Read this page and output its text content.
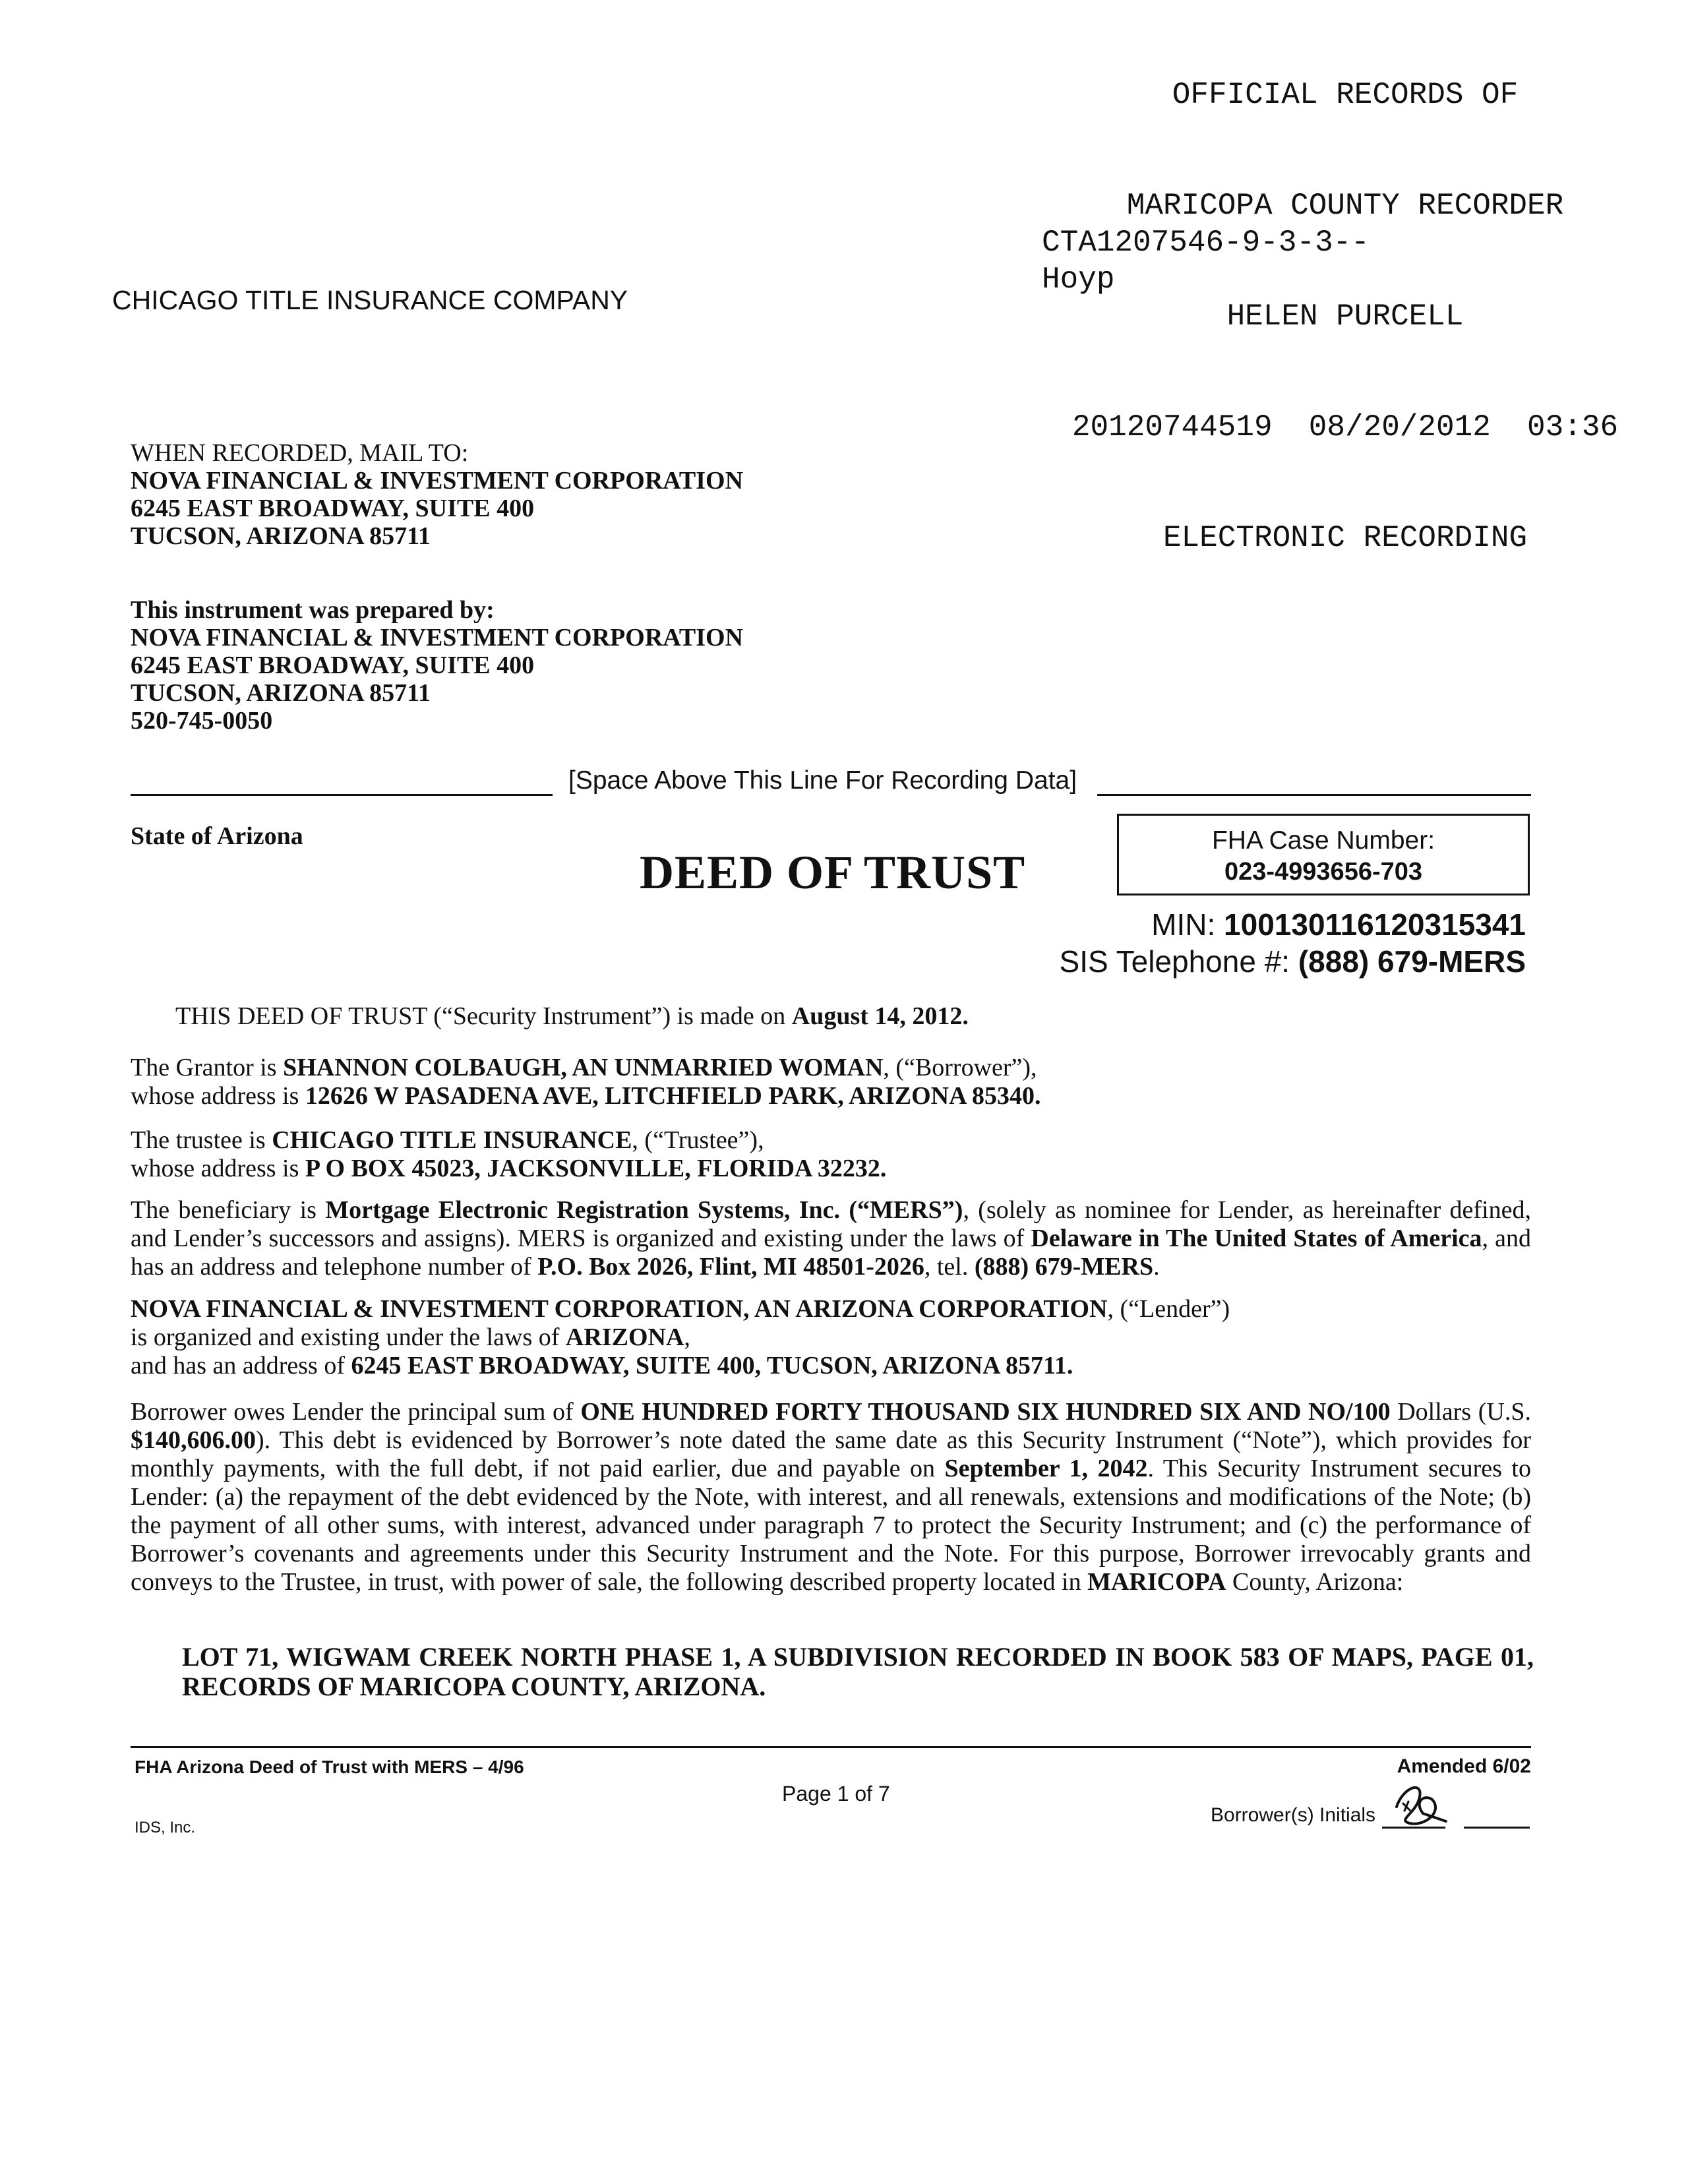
OFFICIAL RECORDS OF

MARICOPA COUNTY RECORDER

HELEN PURCELL

20120744519  08/20/2012  03:36

ELECTRONIC RECORDING

CTA1207546-9-3-3--
Hoyp
CHICAGO TITLE INSURANCE COMPANY
WHEN RECORDED, MAIL TO:
NOVA FINANCIAL & INVESTMENT CORPORATION
6245 EAST BROADWAY, SUITE 400
TUCSON, ARIZONA 85711
This instrument was prepared by:
NOVA FINANCIAL & INVESTMENT CORPORATION
6245 EAST BROADWAY, SUITE 400
TUCSON, ARIZONA 85711
520-745-0050
[Space Above This Line For Recording Data]
State of Arizona
DEED OF TRUST
FHA Case Number:
023-4993656-703
MIN: 100130116120315341
SIS Telephone #: (888) 679-MERS
THIS DEED OF TRUST (“Security Instrument”) is made on August 14, 2012.
The Grantor is SHANNON COLBAUGH, AN UNMARRIED WOMAN, (“Borrower”),
whose address is 12626 W PASADENA AVE, LITCHFIELD PARK, ARIZONA 85340.
The trustee is CHICAGO TITLE INSURANCE, (“Trustee”),
whose address is P O BOX 45023, JACKSONVILLE, FLORIDA 32232.

The beneficiary is Mortgage Electronic Registration Systems, Inc. (“MERS”), (solely as nominee for Lender, as hereinafter defined, and Lender’s successors and assigns). MERS is organized and existing under the laws of Delaware in The United States of America, and has an address and telephone number of P.O. Box 2026, Flint, MI 48501-2026, tel. (888) 679-MERS.

NOVA FINANCIAL & INVESTMENT CORPORATION, AN ARIZONA CORPORATION, (“Lender”)
is organized and existing under the laws of ARIZONA,
and has an address of 6245 EAST BROADWAY, SUITE 400, TUCSON, ARIZONA 85711.

Borrower owes Lender the principal sum of ONE HUNDRED FORTY THOUSAND SIX HUNDRED SIX AND NO/100 Dollars (U.S. $140,606.00). This debt is evidenced by Borrower’s note dated the same date as this Security Instrument (“Note”), which provides for monthly payments, with the full debt, if not paid earlier, due and payable on September 1, 2042. This Security Instrument secures to Lender: (a) the repayment of the debt evidenced by the Note, with interest, and all renewals, extensions and modifications of the Note; (b) the payment of all other sums, with interest, advanced under paragraph 7 to protect the Security Instrument; and (c) the performance of Borrower’s covenants and agreements under this Security Instrument and the Note. For this purpose, Borrower irrevocably grants and conveys to the Trustee, in trust, with power of sale, the following described property located in MARICOPA County, Arizona:

LOT 71, WIGWAM CREEK NORTH PHASE 1, A SUBDIVISION RECORDED IN BOOK 583 OF MAPS, PAGE 01, RECORDS OF MARICOPA COUNTY, ARIZONA.
FHA Arizona Deed of Trust with MERS – 4/96	Amended 6/02
Page 1 of 7
IDS, Inc.
Borrower(s) Initials
